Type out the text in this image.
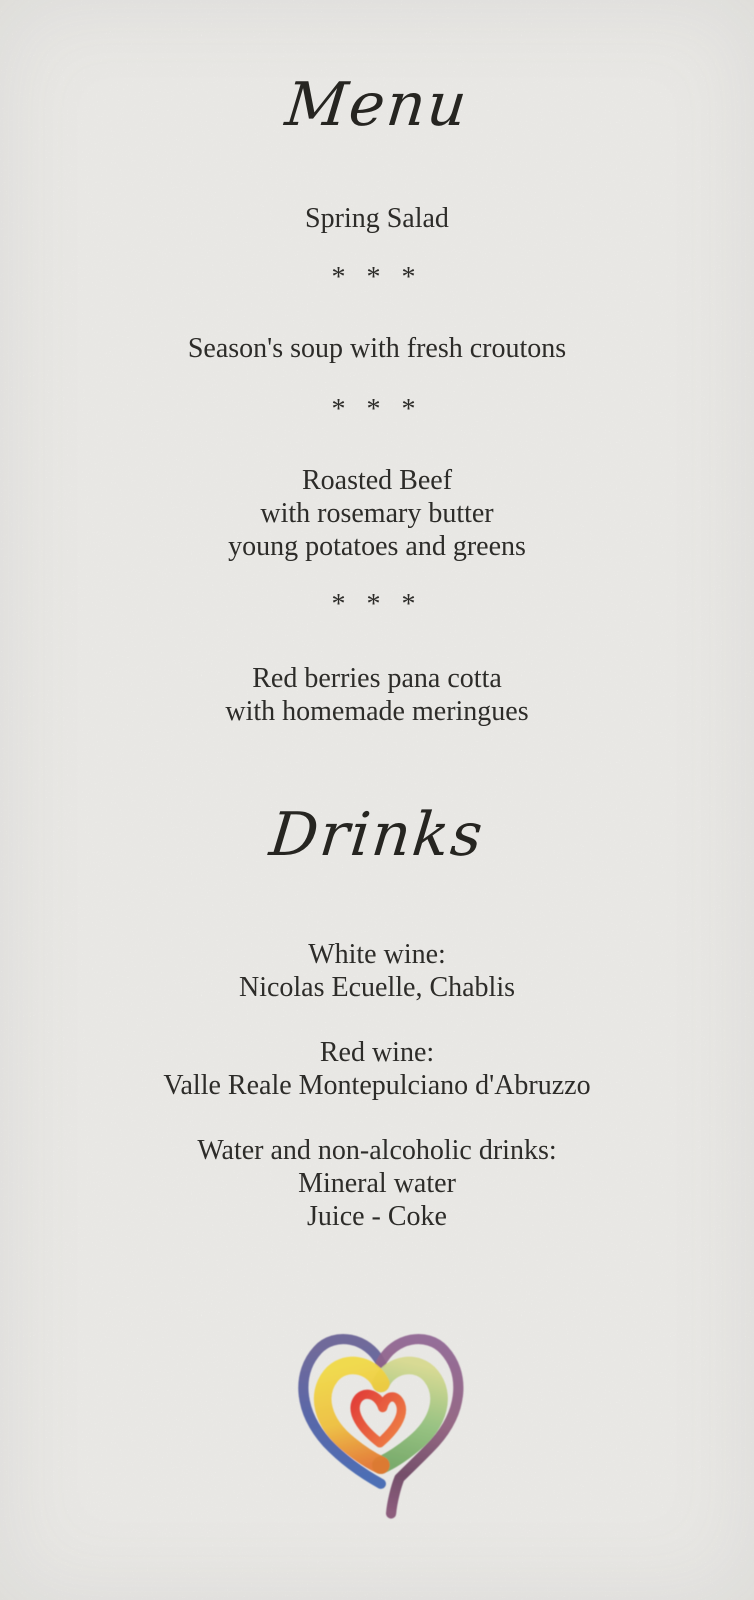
Menu
Spring Salad
* * *
Season's soup with fresh croutons
* * *
Roasted Beef
with rosemary butter
young potatoes and greens
* * *
Red berries pana cotta
with homemade meringues
Drinks
White wine:
Nicolas Ecuelle, Chablis
Red wine:
Valle Reale Montepulciano d'Abruzzo
Water and non-alcoholic drinks:
Mineral water
Juice - Coke
